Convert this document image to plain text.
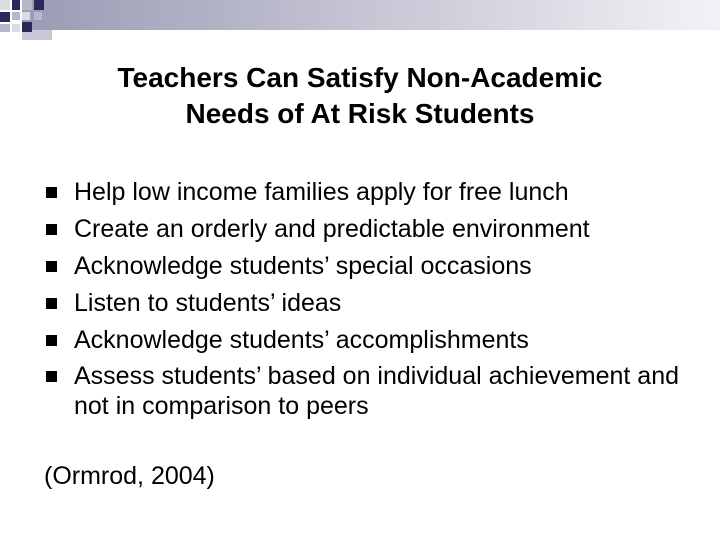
Teachers Can Satisfy Non-Academic
Needs of At Risk Students
Help low income families apply for free lunch
Create an orderly and predictable environment
Acknowledge students’ special occasions
Listen to students’ ideas
Acknowledge students’ accomplishments
Assess students’ based on individual achievement and not in comparison to peers
(Ormrod, 2004)
